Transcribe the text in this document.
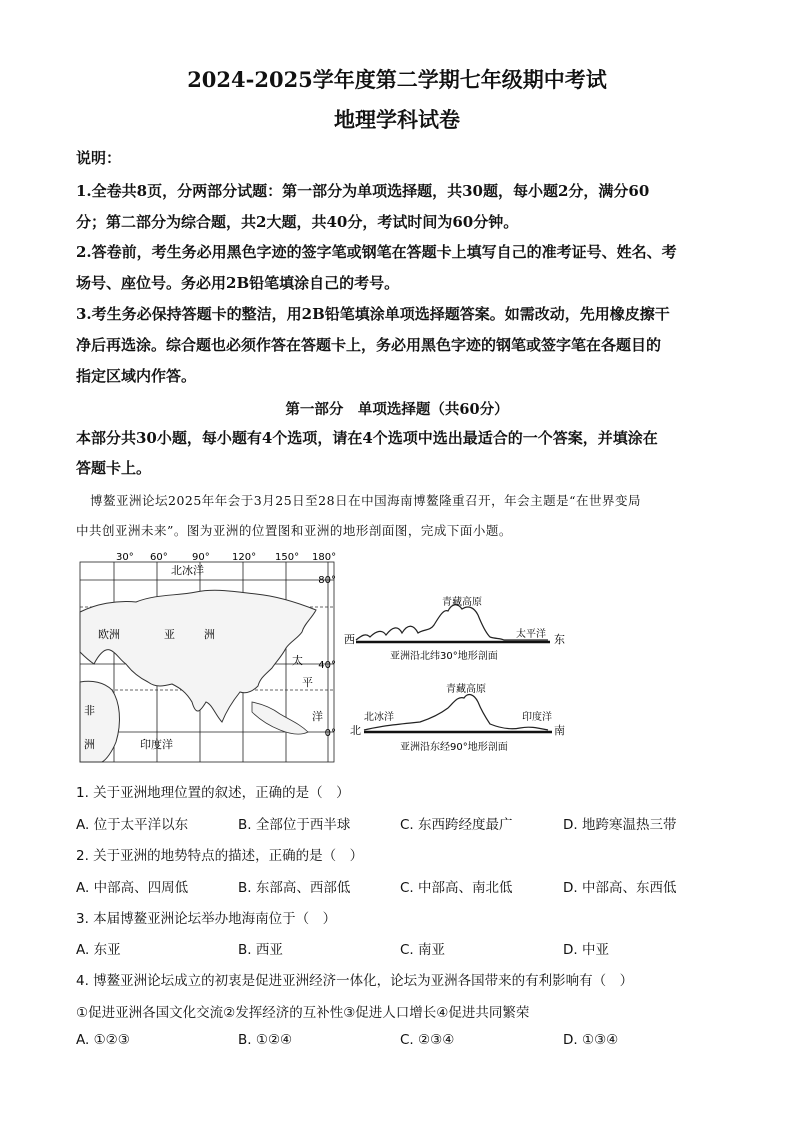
2024-2025学年度第二学期七年级期中考试
地理学科试卷
说明：
1.全卷共8页，分两部分试题：第一部分为单项选择题，共30题，每小题2分，满分60
分；第二部分为综合题，共2大题，共40分，考试时间为60分钟。
2.答卷前，考生务必用黑色字迹的签字笔或钢笔在答题卡上填写自己的准考证号、姓名、考
场号、座位号。务必用2B铅笔填涂自己的考号。
3.考生务必保持答题卡的整洁，用2B铅笔填涂单项选择题答案。如需改动，先用橡皮擦干
净后再选涂。综合题也必须作答在答题卡上，务必用黑色字迹的钢笔或签字笔在各题目的
指定区域内作答。
第一部分　单项选择题（共60分）
本部分共30小题，每小题有4个选项，请在4个选项中选出最适合的一个答案，并填涂在
答题卡上。
博鳌亚洲论坛2025年年会于3月25日至28日在中国海南博鳌隆重召开，年会主题是“在世界变局
中共创亚洲未来”。图为亚洲的位置图和亚洲的地形剖面图，完成下面小题。
30° 60° 90° 120° 150° 180°
80°
40°
0°
北冰洋
欧洲	亚	洲
太
平
洋
非
洲	印度洋
西	东
青藏高原
太平洋
亚洲沿北纬30°地形剖面
北	南
青藏高原
北冰洋	印度洋
亚洲沿东经90°地形剖面
1. 关于亚洲地理位置的叙述，正确的是（　）
A. 位于太平洋以东	B. 全部位于西半球	C. 东西跨经度最广	D. 地跨寒温热三带
2. 关于亚洲的地势特点的描述，正确的是（　）
A. 中部高、四周低	B. 东部高、西部低	C. 中部高、南北低	D. 中部高、东西低
3. 本届博鳌亚洲论坛举办地海南位于（　）
A. 东亚	B. 西亚	C. 南亚	D. 中亚
4. 博鳌亚洲论坛成立的初衷是促进亚洲经济一体化，论坛为亚洲各国带来的有利影响有（　）
①促进亚洲各国文化交流②发挥经济的互补性③促进人口增长④促进共同繁荣
A. ①②③	B. ①②④	C. ②③④	D. ①③④
